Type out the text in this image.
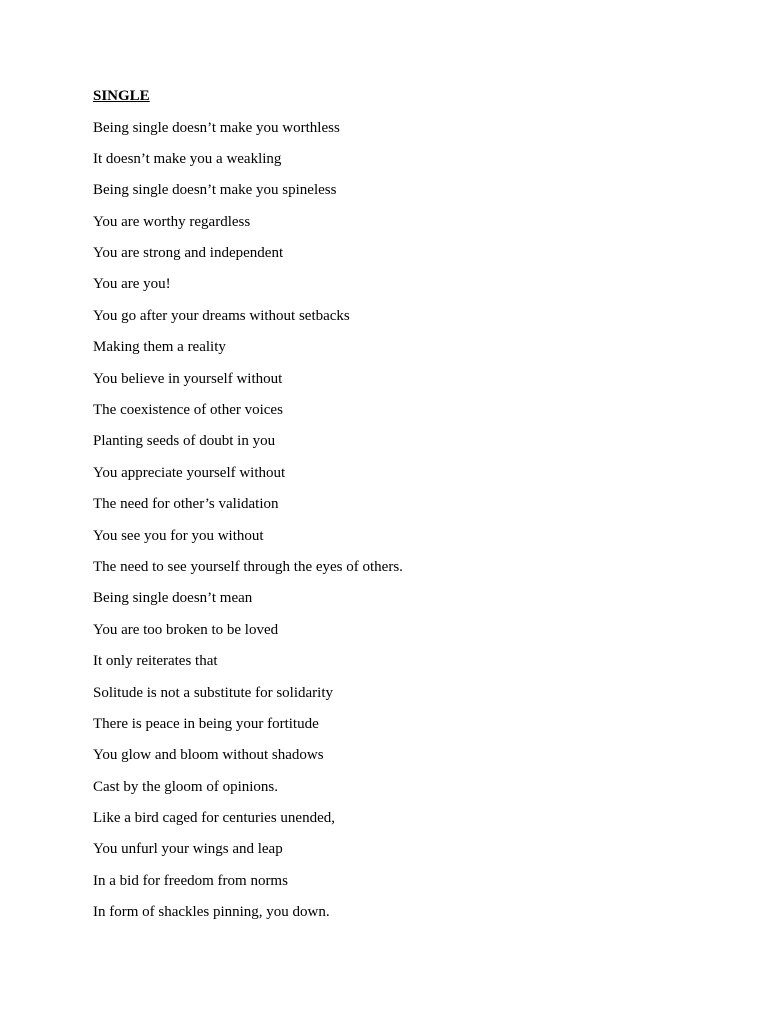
SINGLE
Being single doesn’t make you worthless
It doesn’t make you a weakling
Being single doesn’t make you spineless
You are worthy regardless
You are strong and independent
You are you!
You go after your dreams without setbacks
Making them a reality
You believe in yourself without
The coexistence of other voices
Planting seeds of doubt in you
You appreciate yourself without
The need for other’s validation
You see you for you without
The need to see yourself through the eyes of others.
Being single doesn’t mean
You are too broken to be loved
It only reiterates that
Solitude is not a substitute for solidarity
There is peace in being your fortitude
You glow and bloom without shadows
Cast by the gloom of opinions.
Like a bird caged for centuries unended,
You unfurl your wings and leap
In a bid for freedom from norms
In form of shackles pinning, you down.
